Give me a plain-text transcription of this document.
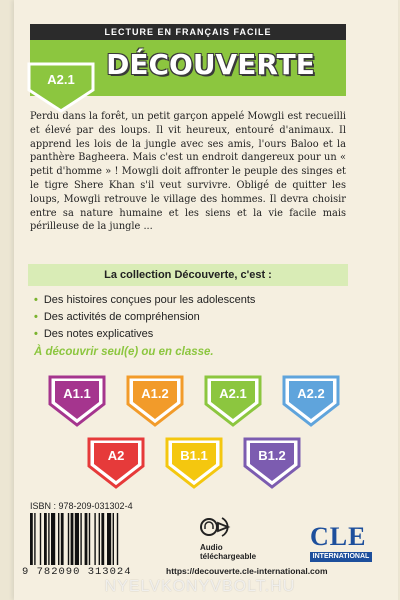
LECTURE EN FRANÇAIS FACILE
DÉCOUVERTE
A2.1

Perdu dans la forêt, un petit garçon appelé Mowgli est recueilli et élevé par des loups. Il vit heureux, entouré d'animaux. Il apprend les lois de la jungle avec ses amis, l'ours Baloo et la panthère Bagheera. Mais c'est un endroit dangereux pour un « petit d'homme » ! Mowgli doit affronter le peuple des singes et le tigre Shere Khan s'il veut survivre. Obligé de quitter les loups, Mowgli retrouve le village des hommes. Il devra choisir entre sa nature humaine et les siens et la vie facile mais périlleuse de la jungle ...

La collection Découverte, c'est :
• Des histoires conçues pour les adolescents
• Des activités de compréhension
• Des notes explicatives
À découvrir seul(e) ou en classe.
A1.1	A1.2	A2.1	A2.2
A2	B1.1	B1.2
ISBN : 978-209-031302-4
9 782090 313024
Audio
téléchargeable
https://decouverte.cle-international.com
CLE
INTERNATIONAL
NYELVKONYVBOLT.HU
